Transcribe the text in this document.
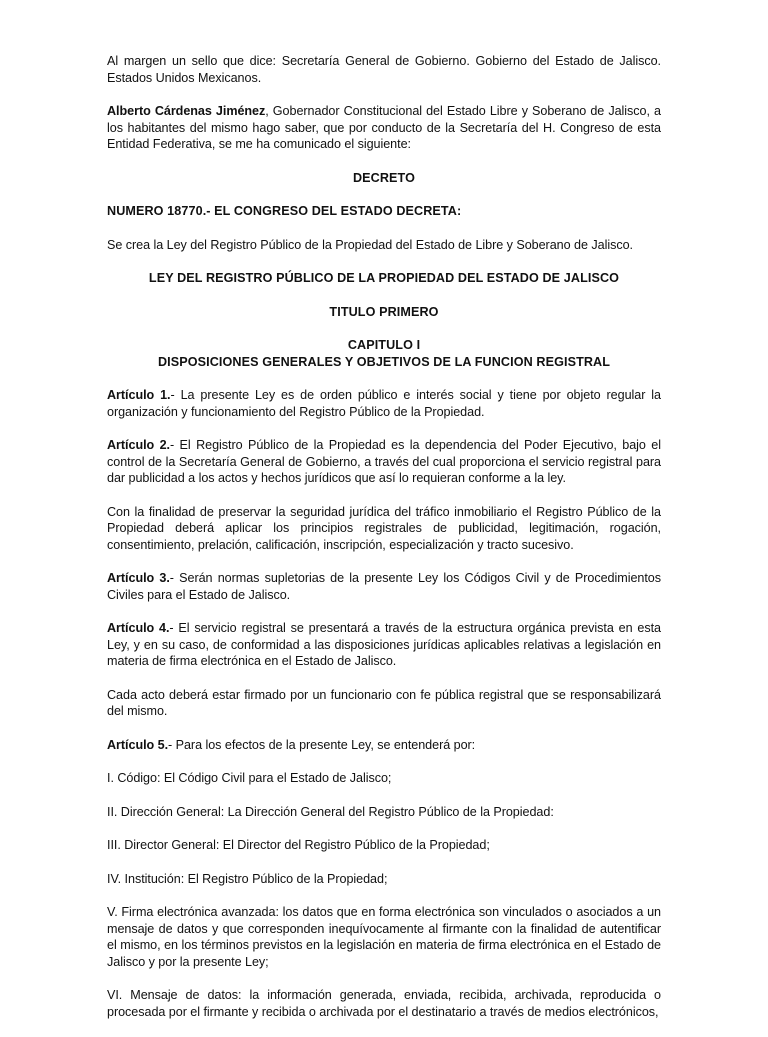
Al margen un sello que dice: Secretaría General de Gobierno. Gobierno del Estado de Jalisco. Estados Unidos Mexicanos.

Alberto Cárdenas Jiménez, Gobernador Constitucional del Estado Libre y Soberano de Jalisco, a los habitantes del mismo hago saber, que por conducto de la Secretaría del H. Congreso de esta Entidad Federativa, se me ha comunicado el siguiente:

DECRETO
NUMERO 18770.- EL CONGRESO DEL ESTADO DECRETA:

Se crea la Ley del Registro Público de la Propiedad del Estado de Libre y Soberano de Jalisco.

LEY DEL REGISTRO PÚBLICO DE LA PROPIEDAD DEL ESTADO DE JALISCO
TITULO PRIMERO
CAPITULO I
DISPOSICIONES GENERALES Y OBJETIVOS DE LA FUNCION REGISTRAL

Artículo 1.- La presente Ley es de orden público e interés social y tiene por objeto regular la organización y funcionamiento del Registro Público de la Propiedad.

Artículo 2.- El Registro Público de la Propiedad es la dependencia del Poder Ejecutivo, bajo el control de la Secretaría General de Gobierno, a través del cual proporciona el servicio registral para dar publicidad a los actos y hechos jurídicos que así lo requieran conforme a la ley.

Con la finalidad de preservar la seguridad jurídica del tráfico inmobiliario el Registro Público de la Propiedad deberá aplicar los principios registrales de publicidad, legitimación, rogación, consentimiento, prelación, calificación, inscripción, especialización y tracto sucesivo.

Artículo 3.- Serán normas supletorias de la presente Ley los Códigos Civil y de Procedimientos Civiles para el Estado de Jalisco.

Artículo 4.- El servicio registral se presentará a través de la estructura orgánica prevista en esta Ley, y en su caso, de conformidad a las disposiciones jurídicas aplicables relativas a legislación en materia de firma electrónica en el Estado de Jalisco.

Cada acto deberá estar firmado por un funcionario con fe pública registral que se responsabilizará del mismo.

Artículo 5.- Para los efectos de la presente Ley, se entenderá por:

I. Código: El Código Civil para el Estado de Jalisco;

II. Dirección General: La Dirección General del Registro Público de la Propiedad:

III. Director General: El Director del Registro Público de la Propiedad;

IV. Institución: El Registro Público de la Propiedad;

V. Firma electrónica avanzada: los datos que en forma electrónica son vinculados o asociados a un mensaje de datos y que corresponden inequívocamente al firmante con la finalidad de autentificar el mismo, en los términos previstos en la legislación en materia de firma electrónica en el Estado de Jalisco y por la presente Ley;

VI. Mensaje de datos: la información generada, enviada, recibida, archivada, reproducida o procesada por el firmante y recibida o archivada por el destinatario a través de medios electrónicos,
